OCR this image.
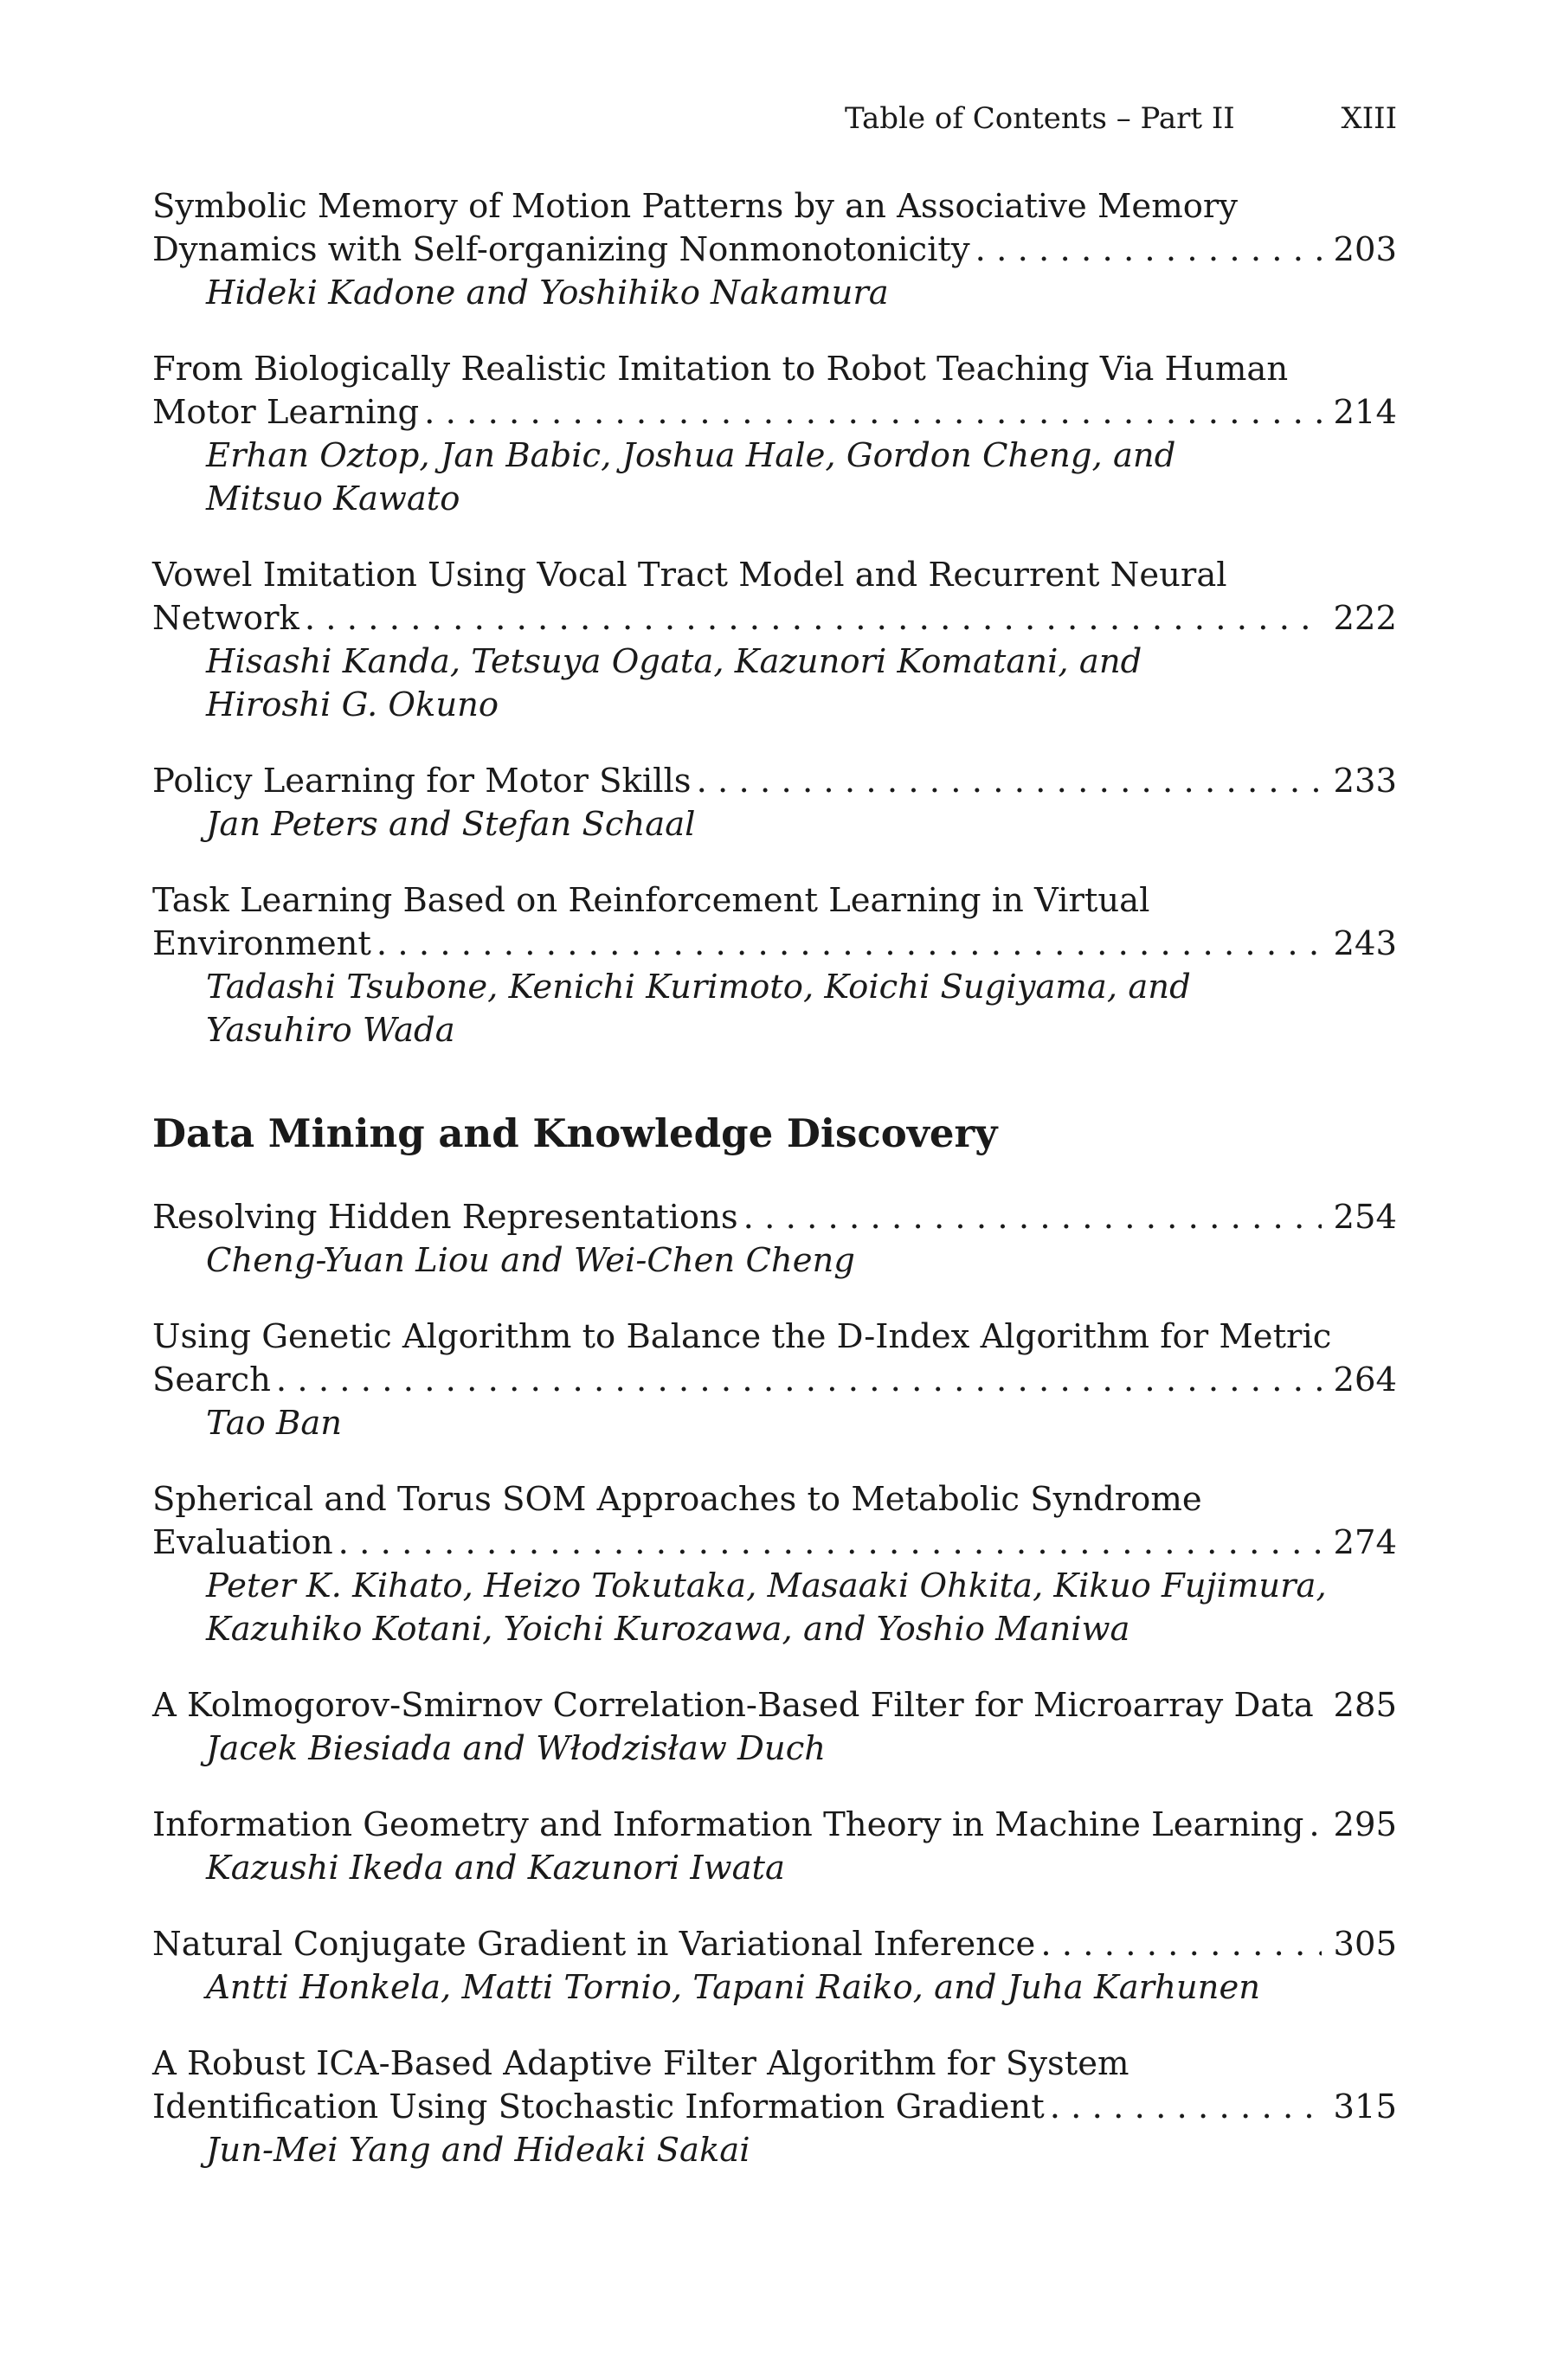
Table of Contents – Part II	XIII
Symbolic Memory of Motion Patterns by an Associative Memory
Dynamics with Self-organizing Nonmonotonicity . . .	203
Hideki Kadone and Yoshihiko Nakamura
From Biologically Realistic Imitation to Robot Teaching Via Human
Motor Learning . . .	214
Erhan Oztop, Jan Babic, Joshua Hale, Gordon Cheng, and Mitsuo Kawato
Vowel Imitation Using Vocal Tract Model and Recurrent Neural
Network . . .	222
Hisashi Kanda, Tetsuya Ogata, Kazunori Komatani, and Hiroshi G. Okuno
Policy Learning for Motor Skills . . .	233
Jan Peters and Stefan Schaal
Task Learning Based on Reinforcement Learning in Virtual
Environment . . .	243
Tadashi Tsubone, Kenichi Kurimoto, Koichi Sugiyama, and Yasuhiro Wada
Data Mining and Knowledge Discovery
Resolving Hidden Representations . . .	254
Cheng-Yuan Liou and Wei-Chen Cheng
Using Genetic Algorithm to Balance the D-Index Algorithm for Metric
Search . . .	264
Tao Ban
Spherical and Torus SOM Approaches to Metabolic Syndrome
Evaluation . . .	274
Peter K. Kihato, Heizo Tokutaka, Masaaki Ohkita, Kikuo Fujimura, Kazuhiko Kotani, Yoichi Kurozawa, and Yoshio Maniwa
A Kolmogorov-Smirnov Correlation-Based Filter for Microarray Data . . . 285
Jacek Biesiada and Włodzisław Duch
Information Geometry and Information Theory in Machine Learning . . . 295
Kazushi Ikeda and Kazunori Iwata
Natural Conjugate Gradient in Variational Inference . . .	305
Antti Honkela, Matti Tornio, Tapani Raiko, and Juha Karhunen
A Robust ICA-Based Adaptive Filter Algorithm for System
Identification Using Stochastic Information Gradient . . .	315
Jun-Mei Yang and Hideaki Sakai
